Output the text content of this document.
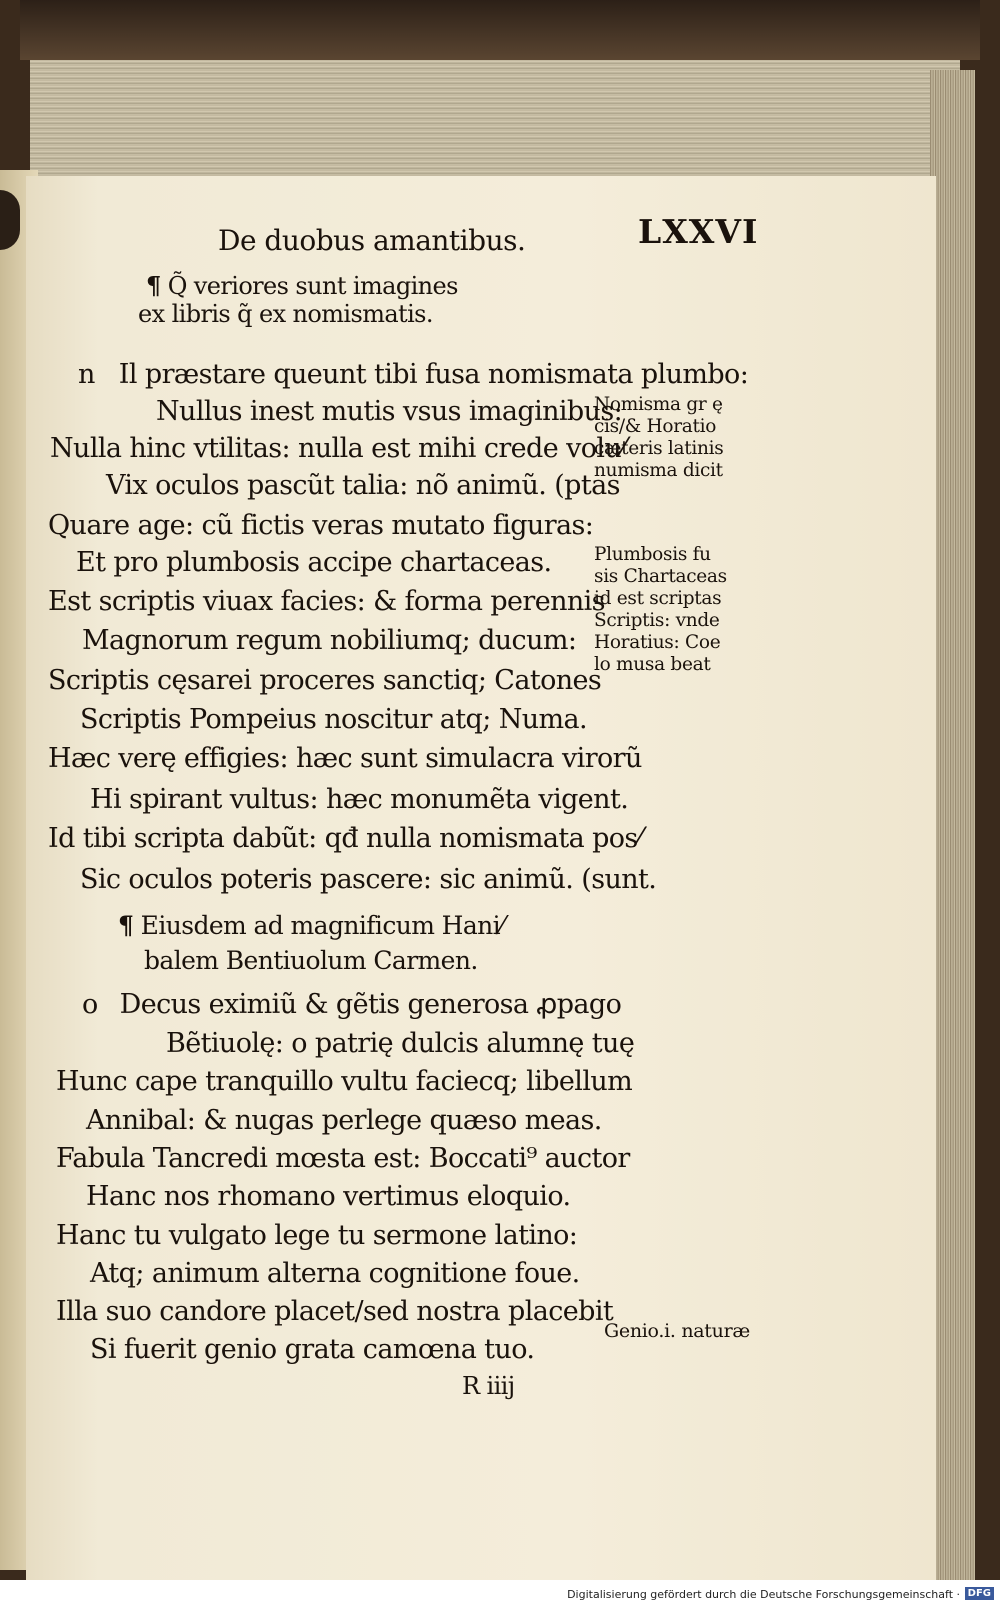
De duobus amantibus.	LXXVI
¶ Q̃ veriores sunt imagines
ex libris q̃ ex nomismatis.
n Il præstare queunt tibi fusa nomismata plumbo:
Nullus inest mutis vsus imaginibus:
Nulla hinc vtilitas: nulla est mihi crede volu⁄
Vix oculos pascũt talia: nõ animũ. (ptas
Quare age: cũ fictis veras mutato figuras:
Et pro plumbosis accipe chartaceas.
Est scriptis viuax facies: & forma perennis
Magnorum regum nobiliumq; ducum:
Scriptis cęsarei proceres sanctiq; Catones
Scriptis Pompeius noscitur atq; Numa.
Hæc verę effigies: hæc sunt simulacra virorũ
Hi spirant vultus: hæc monumẽta vigent.
Id tibi scripta dabũt: qđ nulla nomismata pos⁄
Sic oculos poteris pascere: sic animũ. (sunt.
¶ Eiusdem ad magnificum Hani⁄
balem Bentiuolum Carmen.
o Decus eximiũ & gẽtis generosa ꝓpago
Bẽtiuolę: o patrię dulcis alumnę tuę
Hunc cape tranquillo vultu faciecq; libellum
Annibal: & nugas perlege quæso meas.
Fabula Tancredi mœsta est: Boccati⁹ auctor
Hanc nos rhomano vertimus eloquio.
Hanc tu vulgato lege tu sermone latino:
Atq; animum alterna cognitione foue.
Illa suo candore placet/sed nostra placebit
Si fuerit genio grata camœna tuo.
R iiij
Nomisma gr ę
cis/& Horatio
cæteris latinis
numisma dicit
Plumbosis fu
sis Chartaceas
id est scriptas
Scriptis: vnde
Horatius: Coe
lo musa beat
Genio.i. naturæ
Digitalisierung gefördert durch die Deutsche Forschungsgemeinschaft · DFG
